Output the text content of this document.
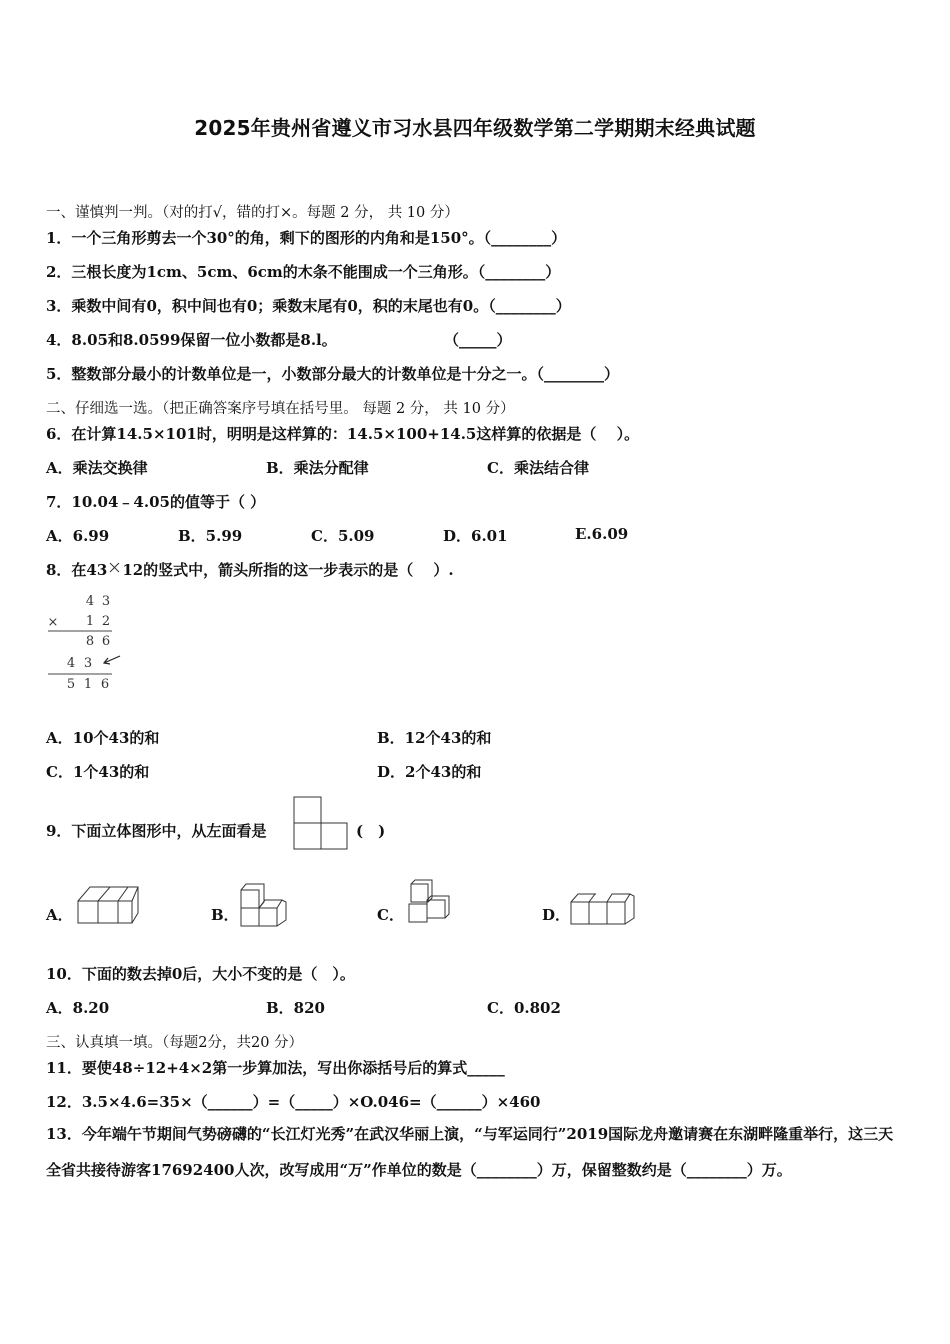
2025年贵州省遵义市习水县四年级数学第二学期期末经典试题
一、谨慎判一判。（对的打√，错的打×。每题 2 分， 共 10 分）
1．一个三角形剪去一个30°的角，剩下的图形的内角和是150°。（________）
2．三根长度为1cm、5cm、6cm的木条不能围成一个三角形。（________）
3．乘数中间有0，积中间也有0；乘数末尾有0，积的末尾也有0。（________）
4．8.05和8.0599保留一位小数都是8.l。	（_____）
5．整数部分最小的计数单位是一，小数部分最大的计数单位是十分之一。（________）
二、仔细选一选。（把正确答案序号填在括号里。 每题 2 分， 共 10 分）
6．在计算14.5×101时，明明是这样算的：14.5×100+14.5这样算的依据是（　 ）。
A．乘法交换律	B．乘法分配律	C．乘法结合律
7．10.04﹣4.05的值等于（ ）
A．6.99	B．5.99	C．5.09	D．6.01	E.6.09
8．在43 12的竖式中，箭头所指的这一步表示的是（　 ）.
4 3
× 1 2
8 6
4 3
5 1 6
A．10个43的和	B．12个43的和
C．1个43的和	D．2个43的和
9．下面立体图形中，从左面看是	(　)
A．	B．	C．	D．
10．下面的数去掉0后，大小不变的是（　）。
A．8.20	B．820	C．0.802
三、认真填一填。（每题2分，共20 分）
11．要使48÷12+4×2第一步算加法，写出你添括号后的算式_____
12．3.5×4.6=35×（______）=（_____）×O.046=（______）×460
13．今年端午节期间气势磅礴的“长江灯光秀”在武汉华丽上演，“与军运同行”2019国际龙舟邀请赛在东湖畔隆重举行，这三天全省共接待游客17692400人次，改写成用“万”作单位的数是（________）万，保留整数约是（________）万。
